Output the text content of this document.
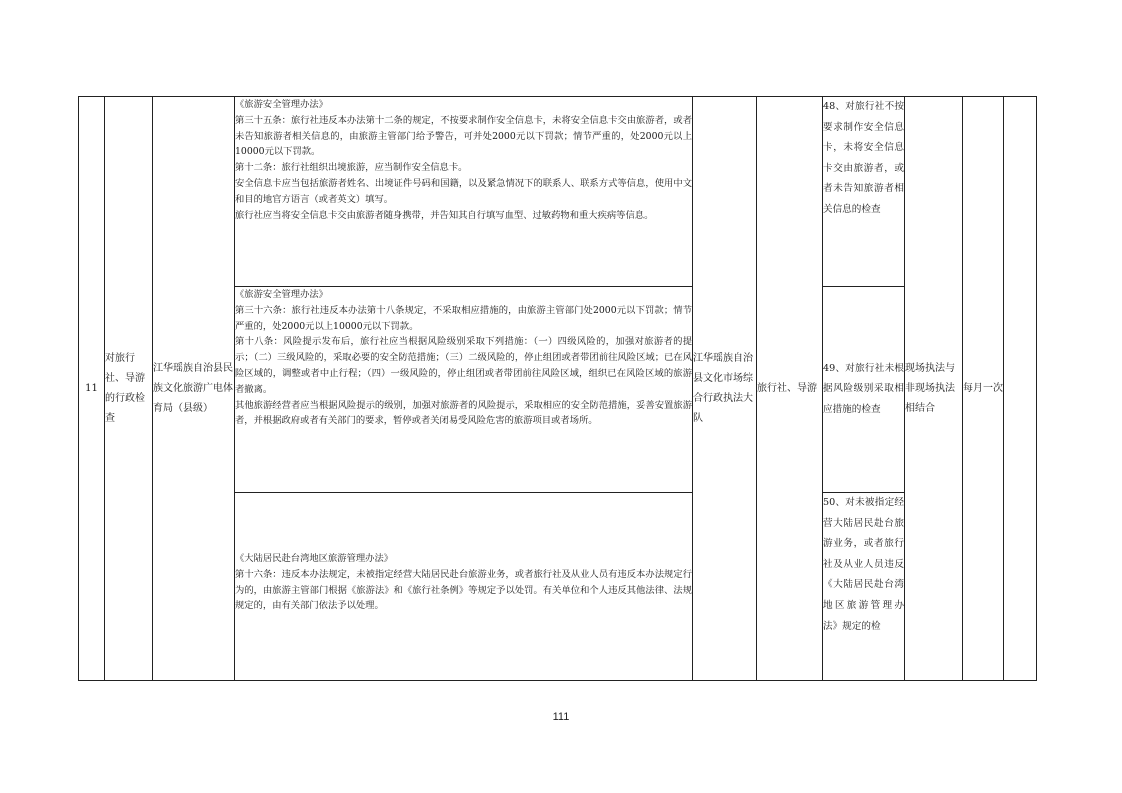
11	对旅行社、导游的行政检查	江华瑶族自治县民族文化旅游广电体育局（县级）	《旅游安全管理办法》

第三十五条：旅行社违反本办法第十二条的规定，不按要求制作安全信息卡，未将安全信息卡交由旅游者，或者未告知旅游者相关信息的，由旅游主管部门给予警告，可并处2000元以下罚款；情节严重的，处2000元以上10000元以下罚款。

第十二条：旅行社组织出境旅游，应当制作安全信息卡。

安全信息卡应当包括旅游者姓名、出境证件号码和国籍，以及紧急情况下的联系人、联系方式等信息，使用中文和目的地官方语言（或者英文）填写。

旅行社应当将安全信息卡交由旅游者随身携带，并告知其自行填写血型、过敏药物和重大疾病等信息。	江华瑶族自治县文化市场综合行政执法大队	旅行社、导游	48、对旅行社不按要求制作安全信息卡，未将安全信息卡交由旅游者，或者未告知旅游者相关信息的检查	现场执法与非现场执法相结合	每月一次	

			《旅游安全管理办法》

第三十六条：旅行社违反本办法第十八条规定，不采取相应措施的，由旅游主管部门处2000元以下罚款；情节严重的，处2000元以上10000元以下罚款。

第十八条：风险提示发布后，旅行社应当根据风险级别采取下列措施：（一）四级风险的，加强对旅游者的提示；（二）三级风险的，采取必要的安全防范措施；（三）二级风险的，停止组团或者带团前往风险区域；已在风险区域的，调整或者中止行程；（四）一级风险的，停止组团或者带团前往风险区域，组织已在风险区域的旅游者撤离。

其他旅游经营者应当根据风险提示的级别，加强对旅游者的风险提示，采取相应的安全防范措施，妥善安置旅游者，并根据政府或者有关部门的要求，暂停或者关闭易受风险危害的旅游项目或者场所。			49、对旅行社未根据风险级别采取相应措施的检查			

			《大陆居民赴台湾地区旅游管理办法》

第十六条：违反本办法规定，未被指定经营大陆居民赴台旅游业务，或者旅行社及从业人员有违反本办法规定行为的，由旅游主管部门根据《旅游法》和《旅行社条例》等规定予以处罚。有关单位和个人违反其他法律、法规规定的，由有关部门依法予以处理。			50、对未被指定经营大陆居民赴台旅游业务，或者旅行社及从业人员违反《大陆居民赴台湾地区旅游管理办法》规定的检			
111
